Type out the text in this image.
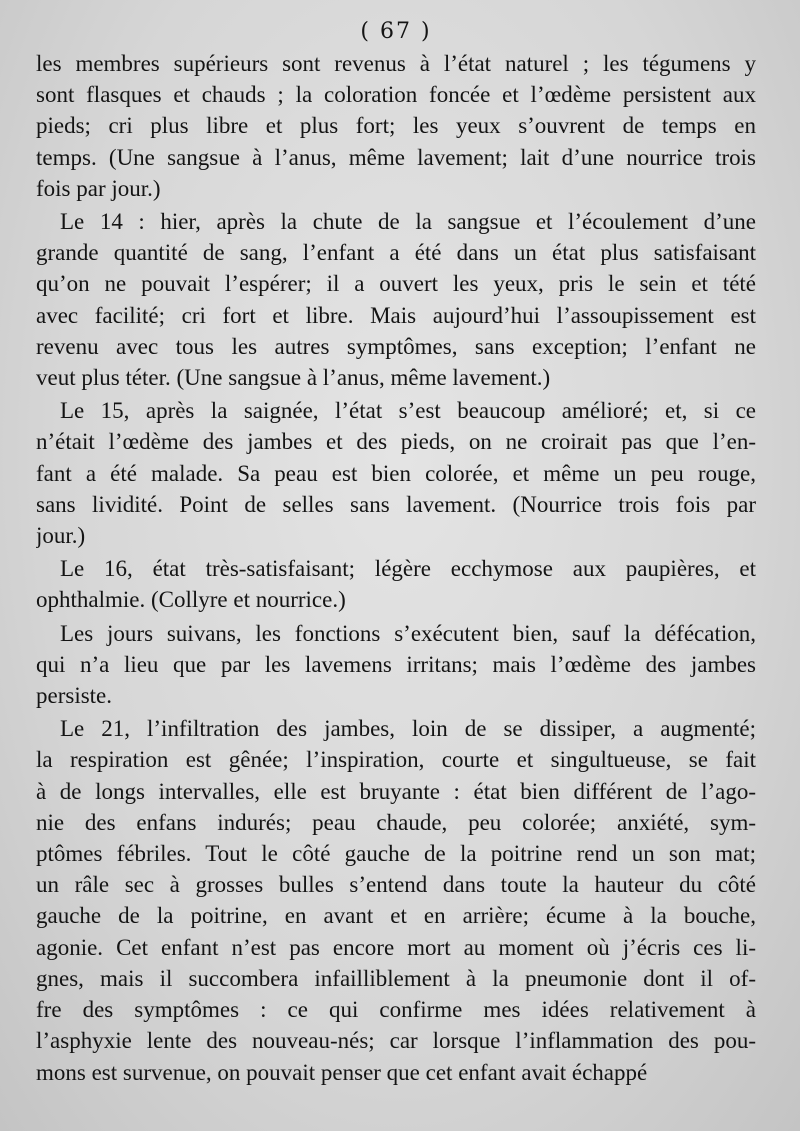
( 67 )
les membres supérieurs sont revenus à l’état naturel ; les tégumens y
sont flasques et chauds ; la coloration foncée et l’œdème persistent aux
pieds; cri plus libre et plus fort; les yeux s’ouvrent de temps en
temps. (Une sangsue à l’anus, même lavement; lait d’une nourrice trois
fois par jour.)
Le 14 : hier, après la chute de la sangsue et l’écoulement d’une
grande quantité de sang, l’enfant a été dans un état plus satisfaisant
qu’on ne pouvait l’espérer; il a ouvert les yeux, pris le sein et tété
avec facilité; cri fort et libre. Mais aujourd’hui l’assoupissement est
revenu avec tous les autres symptômes, sans exception; l’enfant ne
veut plus téter. (Une sangsue à l’anus, même lavement.)
Le 15, après la saignée, l’état s’est beaucoup amélioré; et, si ce
n’était l’œdème des jambes et des pieds, on ne croirait pas que l’en-
fant a été malade. Sa peau est bien colorée, et même un peu rouge,
sans lividité. Point de selles sans lavement. (Nourrice trois fois par
jour.)
Le 16, état très-satisfaisant; légère ecchymose aux paupières, et
ophthalmie. (Collyre et nourrice.)
Les jours suivans, les fonctions s’exécutent bien, sauf la défécation,
qui n’a lieu que par les lavemens irritans; mais l’œdème des jambes
persiste.
Le 21, l’infiltration des jambes, loin de se dissiper, a augmenté;
la respiration est gênée; l’inspiration, courte et singultueuse, se fait
à de longs intervalles, elle est bruyante : état bien différent de l’ago-
nie des enfans indurés; peau chaude, peu colorée; anxiété, sym-
ptômes fébriles. Tout le côté gauche de la poitrine rend un son mat;
un râle sec à grosses bulles s’entend dans toute la hauteur du côté
gauche de la poitrine, en avant et en arrière; écume à la bouche,
agonie. Cet enfant n’est pas encore mort au moment où j’écris ces li-
gnes, mais il succombera infailliblement à la pneumonie dont il of-
fre des symptômes : ce qui confirme mes idées relativement à
l’asphyxie lente des nouveau-nés; car lorsque l’inflammation des pou-
mons est survenue, on pouvait penser que cet enfant avait échappé
